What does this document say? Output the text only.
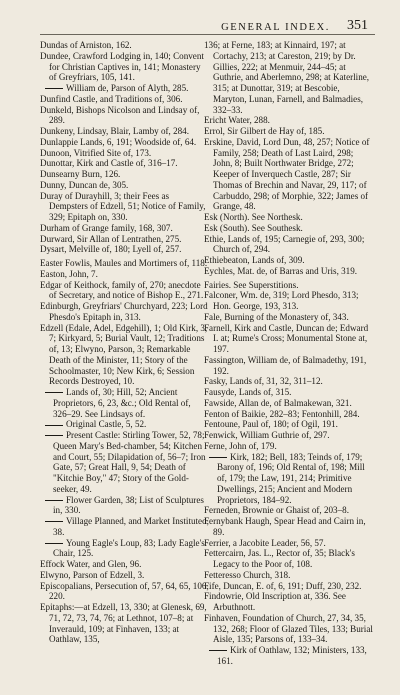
GENERAL INDEX. 351

Dundas of Arniston, 162.

Dundee, Crawford Lodging in, 140; Convent for Christian Captives in, 141; Monastery of Greyfriars, 105, 141.

William de, Parson of Alyth, 285.

Dunfind Castle, and Traditions of, 306.

Dunkeld, Bishops Nicolson and Lindsay of, 289.

Dunkeny, Lindsay, Blair, Lamby of, 284.

Dunlappie Lands, 6, 191; Woodside of, 64.

Dunoon, Vitrified Site of, 173.

Dunottar, Kirk and Castle of, 316–17.

Dunsearny Burn, 126.

Dunny, Duncan de, 305.

Duray of Durayhill, 3; their Fees as Dempsters of Edzell, 51; Notice of Family, 329; Epitaph on, 330.

Durham of Grange family, 168, 307.

Durward, Sir Allan of Lentrathen, 275.

Dysart, Melville of, 180; Lyell of, 257.

Easter Fowlis, Maules and Mortimers of, 118.

Easton, John, 7.

Edgar of Keithock, family of, 270; anecdote of Secretary, and notice of Bishop E., 271.

Edinburgh, Greyfriars' Churchyard, 223; Lord Phesdo's Epitaph in, 313.

Edzell (Edale, Adel, Edgehill), 1; Old Kirk, 3, 7; Kirkyard, 5; Burial Vault, 12; Traditions of, 13; Elwyno, Parson, 3; Remarkable Death of the Minister, 11; Story of the Schoolmaster, 10; New Kirk, 6; Session Records Destroyed, 10.

Lands of, 30; Hill, 52; Ancient Proprietors, 6, 23, &c.; Old Rental of, 326–29. See Lindsays of.

Original Castle, 5, 52.

Present Castle: Stirling Tower, 52, 78; Queen Mary's Bed-chamber, 54; Kitchen and Court, 55; Dilapidation of, 56–7; Iron Gate, 57; Great Hall, 9, 54; Death of "Kitchie Boy," 47; Story of the Gold-seeker, 49.

Flower Garden, 38; List of Sculptures in, 330.

Village Planned, and Market Instituted, 38.

Young Eagle's Loup, 83; Lady Eagle's Chair, 125.

Effock Water, and Glen, 96.

Elwyno, Parson of Edzell, 3.

Episcopalians, Persecution of, 57, 64, 65, 106, 220.

Epitaphs:—at Edzell, 13, 330; at Glenesk, 69, 71, 72, 73, 74, 76; at Lethnot, 107–8; at Inverauld, 109; at Finhaven, 133; at Oathlaw, 135,

136; at Ferne, 183; at Kinnaird, 197; at Cortachy, 213; at Careston, 219; by Dr. Gillies, 222; at Menmuir, 244–45; at Guthrie, and Aberlemno, 298; at Katerline, 315; at Dunottar, 319; at Bescobie, Maryton, Lunan, Farnell, and Balmadies, 332–33.

Ericht Water, 288.

Errol, Sir Gilbert de Hay of, 185.

Erskine, David, Lord Dun, 48, 257; Notice of Family, 258; Death of Last Laird, 298; John, 8; Built Northwater Bridge, 272; Keeper of Inverquech Castle, 287; Sir Thomas of Brechin and Navar, 29, 117; of Carbuddo, 298; of Morphie, 322; James of Grange, 48.

Esk (North). See Northesk.

Esk (South). See Southesk.

Ethie, Lands of, 195; Carnegie of, 293, 300; Church of, 294.

Ethiebeaton, Lands of, 309.

Eychles, Mat. de, of Barras and Uris, 319.

Fairies. See Superstitions.

Falconer, Wm. de, 319; Lord Phesdo, 313; Hon. George, 193, 313.

Fale, Burning of the Monastery of, 343.

Farnell, Kirk and Castle, Duncan de; Edward I. at; Rume's Cross; Monumental Stone at, 197.

Fassington, William de, of Balmadethy, 191, 192.

Fasky, Lands of, 31, 32, 311–12.

Fausyde, Lands of, 315.

Fawside, Allan de, of Balmakewan, 321.

Fenton of Baikie, 282–83; Fentonhill, 284.

Fentoune, Paul of, 180; of Ogil, 191.

Fenwick, William Guthrie of, 297.

Ferne, John of, 179.

Kirk, 182; Bell, 183; Teinds of, 179; Barony of, 196; Old Rental of, 198; Mill of, 179; the Law, 191, 214; Primitive Dwellings, 215; Ancient and Modern Proprietors, 184–92.

Ferneden, Brownie or Ghaist of, 203–8.

Fernybank Haugh, Spear Head and Cairn in, 89.

Ferrier, a Jacobite Leader, 56, 57.

Fettercairn, Jas. L., Rector of, 35; Black's Legacy to the Poor of, 108.

Fetteresso Church, 318.

Fife, Duncan, E. of, 6, 191; Duff, 230, 232.

Findowrie, Old Inscription at, 336. See Arbuthnott.

Finhaven, Foundation of Church, 27, 34, 35, 132, 268; Floor of Glazed Tiles, 133; Burial Aisle, 135; Parsons of, 133–34.

Kirk of Oathlaw, 132; Ministers, 133, 161.
